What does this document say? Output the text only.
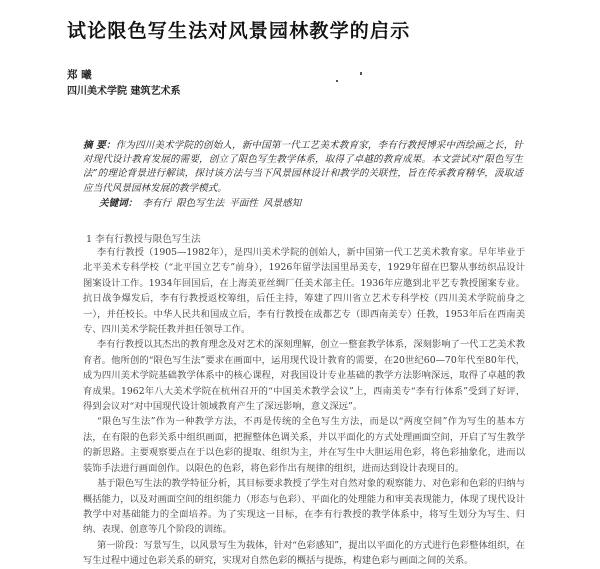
试论限色写生法对风景园林教学的启示
郑 曦
四川美术学院 建筑艺术系

摘 要：作为四川美术学院的创始人，新中国第一代工艺美术教育家，李有行教授博采中西绘画之长，针对现代设计教育发展的需要，创立了限色写生教学体系，取得了卓越的教育成果。本文尝试对“限色写生法”的理论背景进行解读，探讨该方法与当下风景园林设计和教学的关联性，旨在传承教育精华，汲取适应当代风景园林发展的教学模式。

关键词： 李有行 限色写生法 平面性 风景感知
1 李有行教授与限色写生法

李有行教授（1905—1982年），是四川美术学院的创始人，新中国第一代工艺美术教育家。早年毕业于北平美术专科学校（“北平国立艺专”前身），1926年留学法国里昂美专，1929年留在巴黎从事纺织品设计图案设计工作。1934年回国后，在上海美亚丝绸厂任美术部主任。1936年应邀到北平艺专教授图案专业。抗日战争爆发后，李有行教授返校筹组，后任主持，筹建了四川省立艺术专科学校（四川美术学院前身之一），并任校长。中华人民共和国成立后，李有行教授在成都艺专（即西南美专）任教，1953年后在西南美专、四川美术学院任教并担任领导工作。

李有行教授以其杰出的教育理念及对艺术的深刻理解，创立一整套教学体系，深刻影响了一代工艺美术教育者。他所创的“限色写生法”要求在画面中，运用现代设计教育的需要，在20世纪60—70年代至80年代，成为四川美术学院基础教学体系中的核心课程，对我国设计专业基础的教学方法影响深远，取得了卓越的教育成果。1962年八大美术学院在杭州召开的“中国美术教学会议”上，西南美专“李有行体系”受到了好评，得到会议对“对中国现代设计领域教育产生了深远影响，意义深远”。

“限色写生法”作为一种教学方法，不再是传统的全色写生方法，而是以“两度空间”作为写生的基本方法，在有限的色彩关系中组织画面，把握整体色调关系，并以平面化的方式处理画面空间，开启了写生教学的新思路。主要观察要点在于以色彩的提取、组织为主，并在写生中大胆运用色彩，将色彩抽象化，进而以装饰手法进行画面创作。以限色的色彩，将色彩作出有规律的组织，进而达到设计表现目的。

基于限色写生法的教学特征分析，其目标要求教授了学生对自然对象的观察能力、对色彩和色彩的归纳与概括能力，以及对画面空间的组织能力（形态与色彩）、平面化的处理能力和审美表现能力，体现了现代设计教学中对基础能力的全面培养。为了实现这一目标，在李有行教授的教学体系中，将写生划分为写生、归纳、表现、创意等几个阶段的训练。

第一阶段：写景写生，以风景写生为载体，针对“色彩感知”，提出以平面化的方式进行色彩整体组织，在写生过程中通过色彩关系的研究，实现对自然色彩的概括与提炼，构建色彩与画面之间的关系。
